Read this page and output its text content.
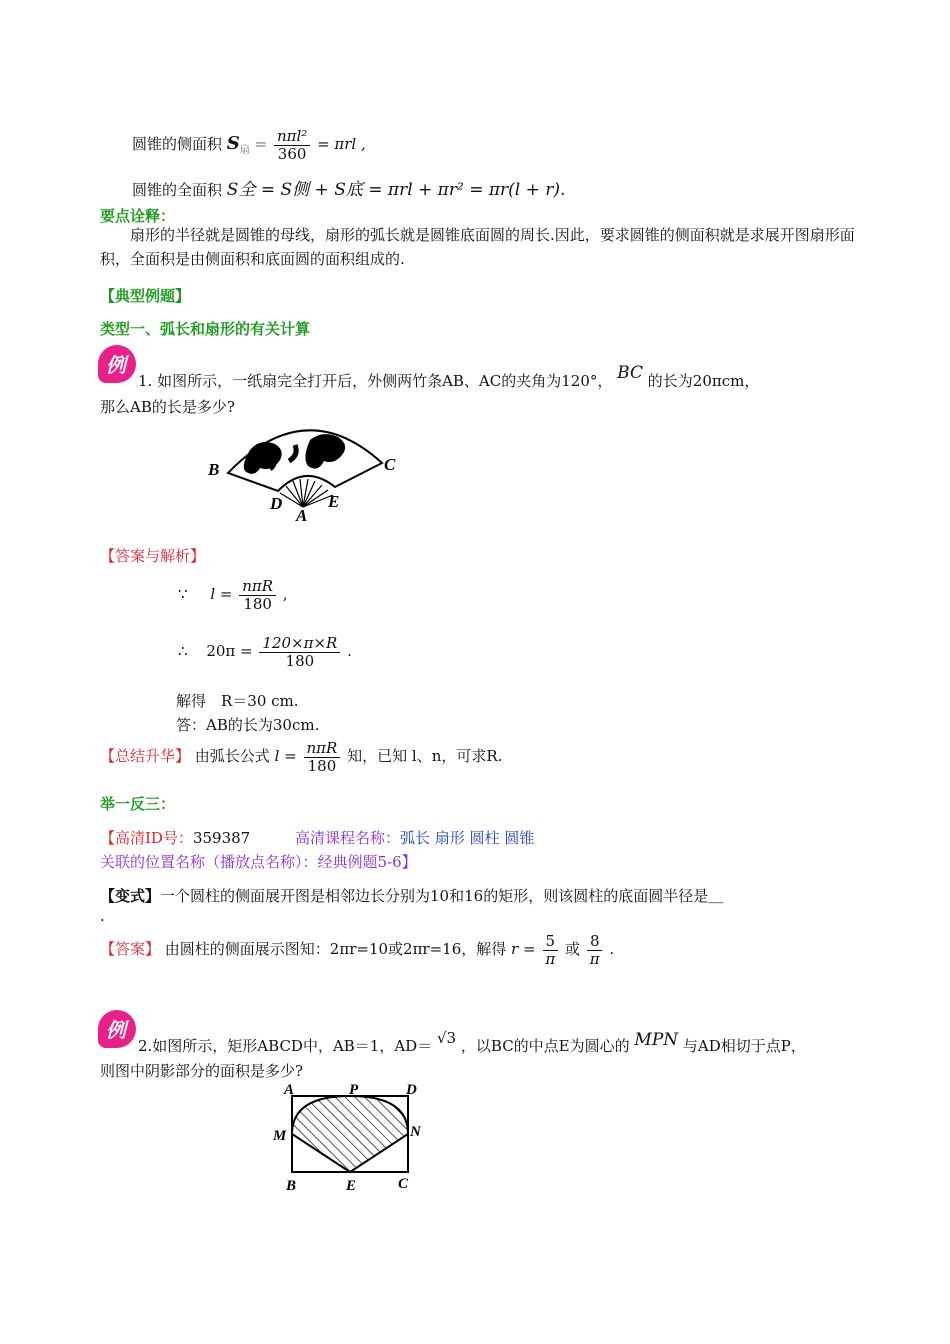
圆锥的侧面积 $S_扇 = \frac{\text{nπl²}}{360} = \pi rl$ ,
圆锥的全面积 S全 = S侧 + S底 = πrl + πr² = πr(l + r).
要点诠释：
扇形的半径就是圆锥的母线，扇形的弧长就是圆锥底面圆的周长.因此，要求圆锥的侧面积就是求展开图扇形面积，全面积是由侧面积和底面圆的面积组成的.
【典型例题】
类型一、弧长和扇形的有关计算
例
1. 如图所示，一纸扇完全打开后，外侧两竹条AB、AC的夹角为120°， BC 的长为20πcm，
那么AB的长是多少?
B	C
D	E
A
【答案与解析】
∵ $l = \frac{\text{nπR}}{180}$ ,
∴ $20\pi = \frac{120\times\pi\times R}{180}$ .
解得　R＝30 cm.
答：AB的长为30cm.
【总结升华】 由弧长公式 $l = \frac{\text{nπR}}{180}$ 知，已知 l、n，可求R.
举一反三：
【高清ID号：359387	高清课程名称：弧长 扇形 圆柱 圆锥
关联的位置名称（播放点名称）：经典例题5-6】
【变式】一个圆柱的侧面展开图是相邻边长分别为10和16的矩形，则该圆柱的底面圆半径是＿
.
【答案】 由圆柱的侧面展示图知：2πr=10或2πr=16，解得 $r = \frac{5}{\pi}$ 或 $\frac{8}{\pi}$ .
例
2.如图所示，矩形ABCD中，AB＝1，AD＝ √3 ，以BC的中点E为圆心的 MPN 与AD相切于点P，
则图中阴影部分的面积是多少?
A	P	D
M	N
B	E	C
